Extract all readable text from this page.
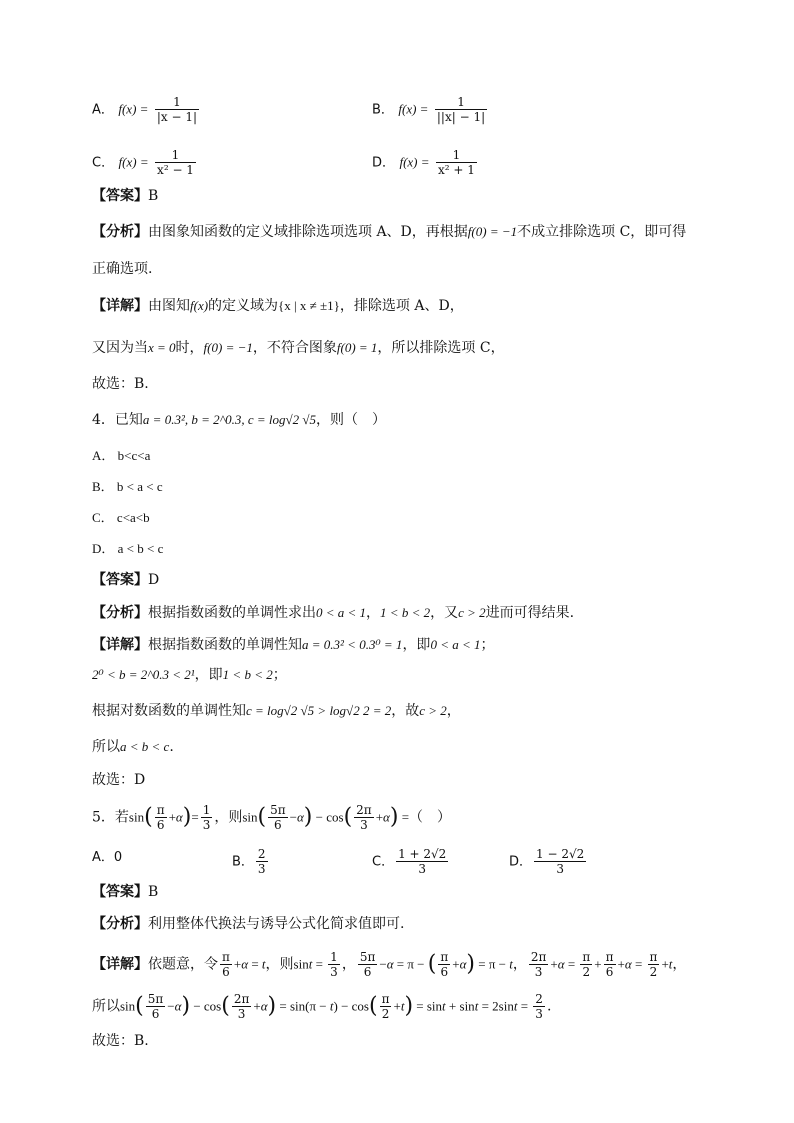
A． $f(x) = \frac{1}{|x - 1|}$	B． $f(x) = \frac{1}{||x| - 1|}$
C． $f(x) = \frac{1}{\text{x² − 1}}$	D． $f(x) = \frac{1}{\text{x² + 1}}$
【答案】B
【分析】由图象知函数的定义域排除选项选项 A、D，再根据f(0) = −1不成立排除选项 C，即可得
正确选项.
【详解】由图知f(x)的定义域为{x | x ≠ ±1}，排除选项 A、D，
又因为当x = 0时，f(0) = −1，不符合图象f(0) = 1，所以排除选项 C，
故选：B.
4．已知a = 0.3², b = 2^0.3, c = log√2 √5，则（　）
A． b<c<a
B． b < a < c
C． c<a<b
D． a < b < c
【答案】D
【分析】根据指数函数的单调性求出0 < a < 1，1 < b < 2，又c > 2进而可得结果.
【详解】根据指数函数的单调性知a = 0.3² < 0.3⁰ = 1，即0 < a < 1；
2⁰ < b = 2^0.3 < 2¹，即1 < b < 2；
根据对数函数的单调性知c = log√2 √5 > log√2 2 = 2，故c > 2，
所以a < b < c.
故选：D
5．若$\sin( \frac{\pi}{6} +\alpha)= \frac{1}{3}$ ，则$\sin( \frac{5\pi}{6} -\alpha) - \cos( \frac{2\pi}{3} +\alpha)$ =（　）
A．0	B． $\frac{2}{3}$	C． $\frac{1 + 2√2}{3}$	D． $\frac{1 - 2√2}{3}$
【答案】B
【分析】利用整体代换法与诱导公式化简求值即可.
【详解】依题意，令 $\frac{\pi}{6} +\alpha = t$，则$\sin t = \frac{1}{3}$ ， $\frac{5\pi}{6} -\alpha = \pi$ − ( $\frac{\pi}{6} +\alpha) = \pi - t$， $\frac{2\pi}{3} +\alpha = \frac{\pi}{2} + \frac{\pi}{6} +\alpha = \frac{\pi}{2} +t$，
所以$\sin( \frac{5\pi}{6} -\alpha) - \cos( \frac{2\pi}{3} +\alpha) = \sin(\pi - t) - \cos( \frac{\pi}{2} +t) = \sin t + \sin t = 2\sin t = \frac{2}{3}$ .
故选：B.
